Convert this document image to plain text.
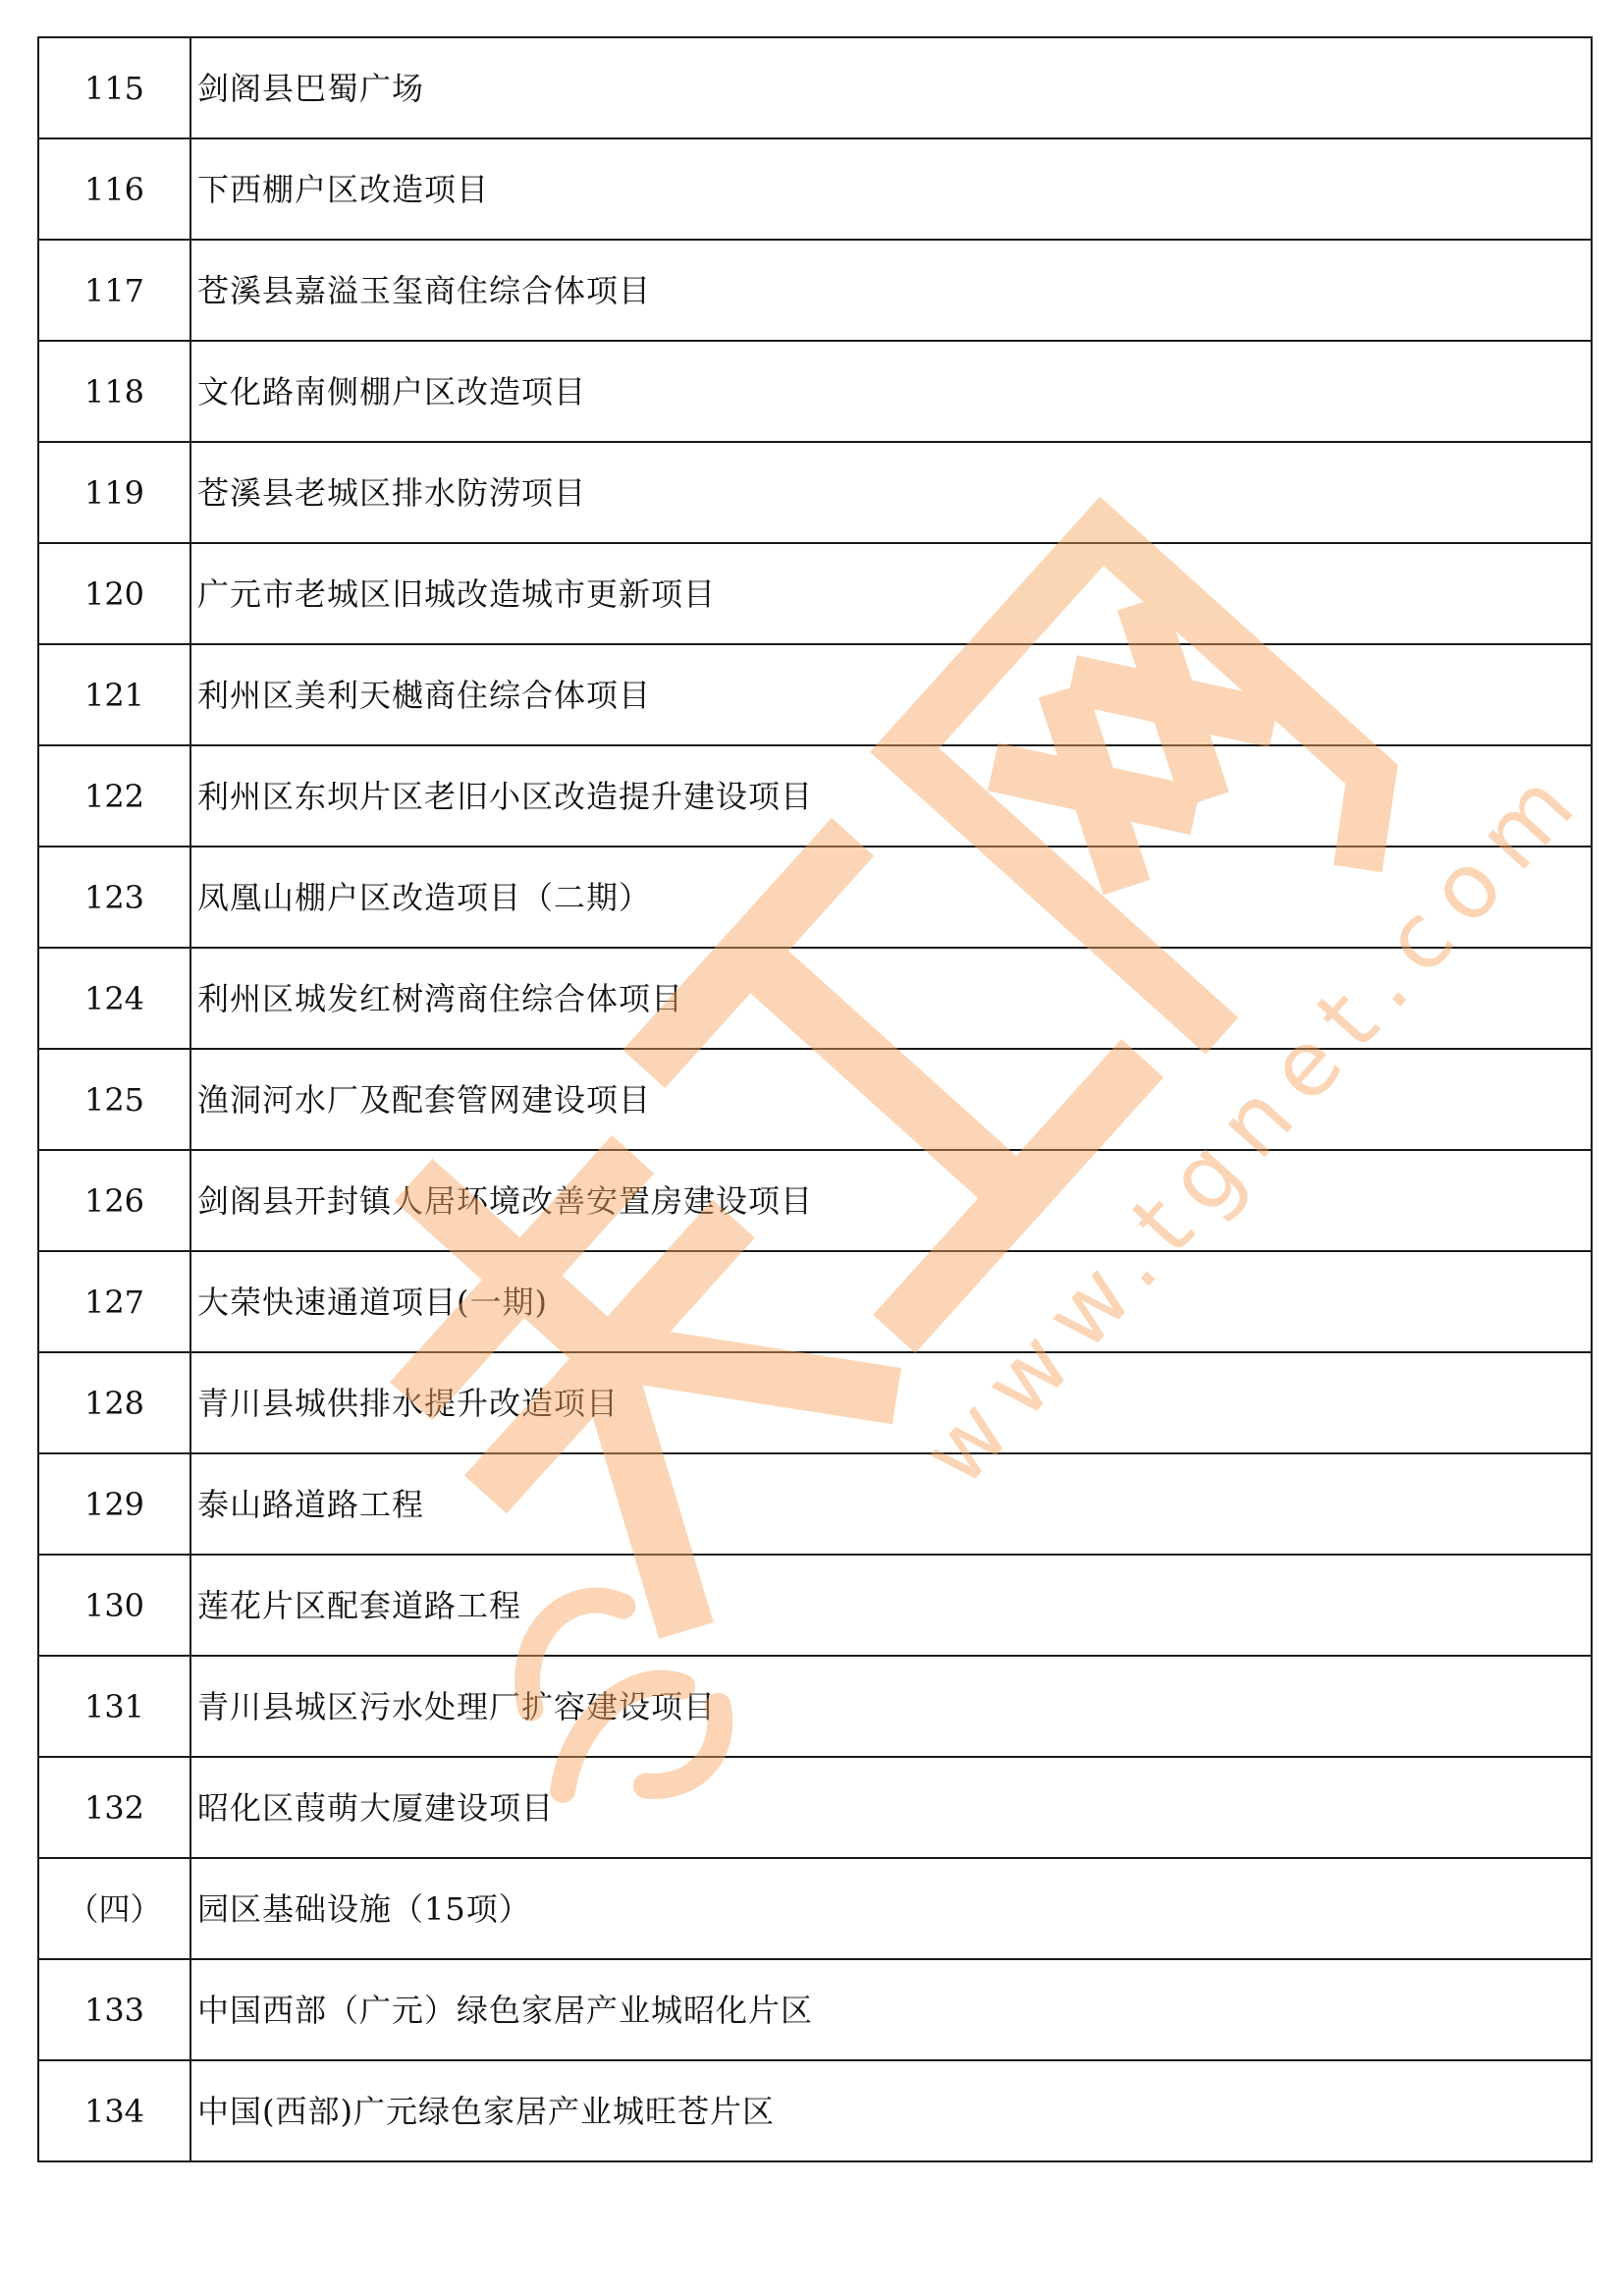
115	剑阁县巴蜀广场
116	下西棚户区改造项目
117	苍溪县嘉溢玉玺商住综合体项目
118	文化路南侧棚户区改造项目
119	苍溪县老城区排水防涝项目
120	广元市老城区旧城改造城市更新项目
121	利州区美利天樾商住综合体项目
122	利州区东坝片区老旧小区改造提升建设项目
123	凤凰山棚户区改造项目（二期）
124	利州区城发红树湾商住综合体项目
125	渔洞河水厂及配套管网建设项目
126	剑阁县开封镇人居环境改善安置房建设项目
127	大荣快速通道项目(一期)
128	青川县城供排水提升改造项目
129	泰山路道路工程
130	莲花片区配套道路工程
131	青川县城区污水处理厂扩容建设项目
132	昭化区葭萌大厦建设项目
（四）	园区基础设施（15项）
133	中国西部（广元）绿色家居产业城昭化片区
134	中国(西部)广元绿色家居产业城旺苍片区
www.tgnet.com
